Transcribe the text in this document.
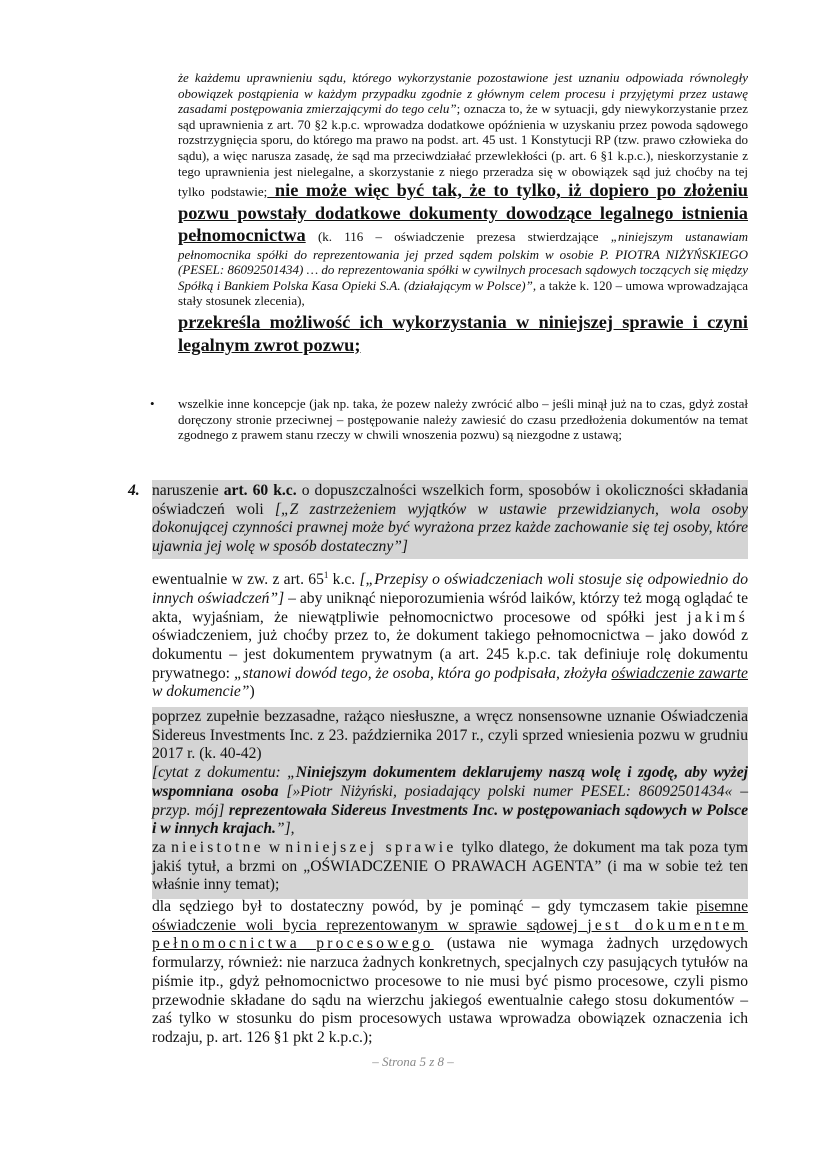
że każdemu uprawnieniu sądu, którego wykorzystanie pozostawione jest uznaniu odpowiada równoległy obowiązek postąpienia w każdym przypadku zgodnie z głównym celem procesu i przyjętymi przez ustawę zasadami postępowania zmierzającymi do tego celu”; oznacza to, że w sytuacji, gdy niewykorzystanie przez sąd uprawnienia z art. 70 §2 k.p.c. wprowadza dodatkowe opóźnienia w uzyskaniu przez powoda sądowego rozstrzygnięcia sporu, do którego ma prawo na podst. art. 45 ust. 1 Konstytucji RP (tzw. prawo człowieka do sądu), a więc narusza zasadę, że sąd ma przeciwdziałać przewlekłości (p. art. 6 §1 k.p.c.), nieskorzystanie z tego uprawnienia jest nielegalne, a skorzystanie z niego przeradza się w obowiązek sąd już choćby na tej tylko podstawie; nie może więc być tak, że to tylko, iż dopiero po złożeniu pozwu powstały dodatkowe dokumenty dowodzące legalnego istnienia pełnomocnictwa (k. 116 – oświadczenie prezesa stwierdzające „niniejszym ustanawiam pełnomocnika spółki do reprezentowania jej przed sądem polskim w osobie P. PIOTRA NIŻYŃSKIEGO (PESEL: 86092501434) … do reprezentowania spółki w cywilnych procesach sądowych toczących się między Spółką i Bankiem Polska Kasa Opieki S.A. (działającym w Polsce)”, a także k. 120 – umowa wprowadzająca stały stosunek zlecenia),

przekreśla możliwość ich wykorzystania w niniejszej sprawie i czyni legalnym zwrot pozwu;

• wszelkie inne koncepcje (jak np. taka, że pozew należy zwrócić albo – jeśli minął już na to czas, gdyż został doręczony stronie przeciwnej – postępowanie należy zawiesić do czasu przedłożenia dokumentów na temat zgodnego z prawem stanu rzeczy w chwili wnoszenia pozwu) są niezgodne z ustawą;

4. naruszenie art. 60 k.c. o dopuszczalności wszelkich form, sposobów i okoliczności składania oświadczeń woli [„Z zastrzeżeniem wyjątków w ustawie przewidzianych, wola osoby dokonującej czynności prawnej może być wyrażona przez każde zachowanie się tej osoby, które ujawnia jej wolę w sposób dostateczny”]

ewentualnie w zw. z art. $65^1$ k.c. [„Przepisy o oświadczeniach woli stosuje się odpowiednio do innych oświadczeń”] – aby uniknąć nieporozumienia wśród laików, którzy też mogą oglądać te akta, wyjaśniam, że niewątpliwie pełnomocnictwo procesowe od spółki jest jakimś oświadczeniem, już choćby przez to, że dokument takiego pełnomocnictwa – jako dowód z dokumentu – jest dokumentem prywatnym (a art. 245 k.p.c. tak definiuje rolę dokumentu prywatnego: „stanowi dowód tego, że osoba, która go podpisała, złożyła oświadczenie zawarte w dokumencie”)

poprzez zupełnie bezzasadne, rażąco niesłuszne, a wręcz nonsensowne uznanie Oświadczenia Sidereus Investments Inc. z 23. października 2017 r., czyli sprzed wniesienia pozwu w grudniu 2017 r. (k. 40-42)

[cytat z dokumentu: „Niniejszym dokumentem deklarujemy naszą wolę i zgodę, aby wyżej wspomniana osoba [»Piotr Niżyński, posiadający polski numer PESEL: 86092501434« – przyp. mój] reprezentowała Sidereus Investments Inc. w postępowaniach sądowych w Polsce i w innych krajach.”],

za nieistotne w niniejszej sprawie tylko dlatego, że dokument ma tak poza tym jakiś tytuł, a brzmi on „OŚWIADCZENIE O PRAWACH AGENTA” (i ma w sobie też ten właśnie inny temat);

dla sędziego był to dostateczny powód, by je pominąć – gdy tymczasem takie pisemne oświadczenie woli bycia reprezentowanym w sprawie sądowej jest dokumentem pełnomocnictwa procesowego (ustawa nie wymaga żadnych urzędowych formularzy, również: nie narzuca żadnych konkretnych, specjalnych czy pasujących tytułów na piśmie itp., gdyż pełnomocnictwo procesowe to nie musi być pismo procesowe, czyli pismo przewodnie składane do sądu na wierzchu jakiegoś ewentualnie całego stosu dokumentów – zaś tylko w stosunku do pism procesowych ustawa wprowadza obowiązek oznaczenia ich rodzaju, p. art. 126 §1 pkt 2 k.p.c.);

– Strona 5 z 8 –
